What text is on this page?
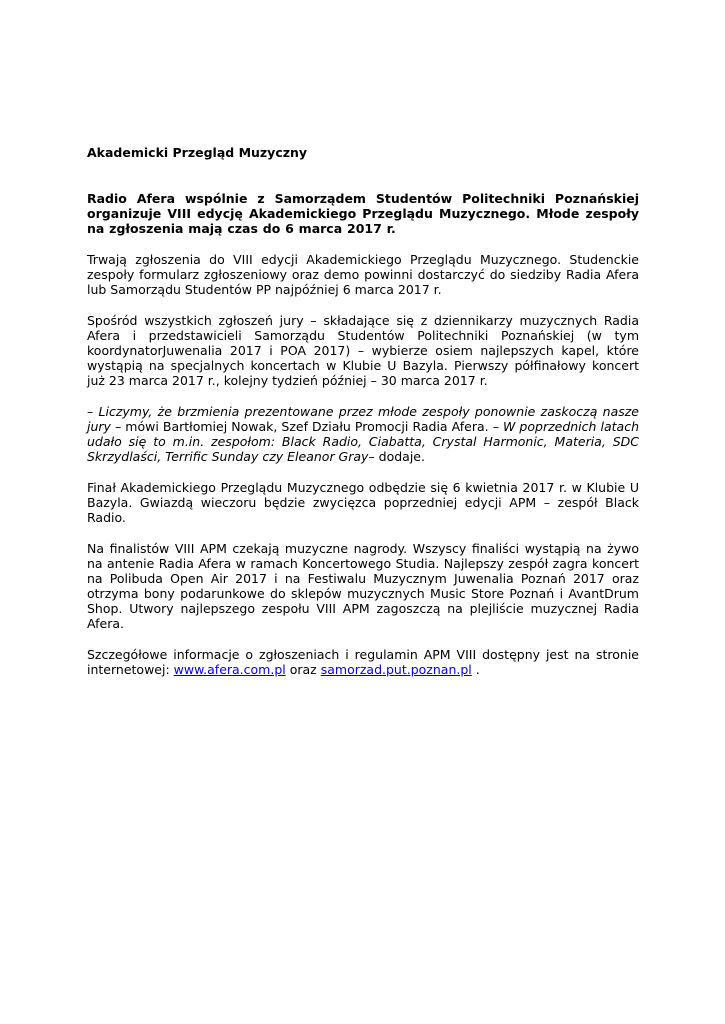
Akademicki Przegląd Muzyczny

Radio Afera wspólnie z Samorządem Studentów Politechniki Poznańskiej organizuje VIII edycję Akademickiego Przeglądu Muzycznego. Młode zespoły na zgłoszenia mają czas do 6 marca 2017 r.

Trwają zgłoszenia do VIII edycji Akademickiego Przeglądu Muzycznego. Studenckie zespoły formularz zgłoszeniowy oraz demo powinni dostarczyć do siedziby Radia Afera lub Samorządu Studentów PP najpóźniej 6 marca 2017 r.

Spośród wszystkich zgłoszeń jury – składające się z dziennikarzy muzycznych Radia Afera i przedstawicieli Samorządu Studentów Politechniki Poznańskiej (w tym koordynatorJuwenalia 2017 i POA 2017) – wybierze osiem najlepszych kapel, które wystąpią na specjalnych koncertach w Klubie U Bazyla. Pierwszy półfinałowy koncert już 23 marca 2017 r., kolejny tydzień później – 30 marca 2017 r.

– Liczymy, że brzmienia prezentowane przez młode zespoły ponownie zaskoczą nasze jury – mówi Bartłomiej Nowak, Szef Działu Promocji Radia Afera. – W poprzednich latach udało się to m.in. zespołom: Black Radio, Ciabatta, Crystal Harmonic, Materia, SDC Skrzydlaści, Terrific Sunday czy Eleanor Gray– dodaje.

Finał Akademickiego Przeglądu Muzycznego odbędzie się 6 kwietnia 2017 r. w Klubie U Bazyla. Gwiazdą wieczoru będzie zwycięzca poprzedniej edycji APM – zespół Black Radio.

Na finalistów VIII APM czekają muzyczne nagrody. Wszyscy finaliści wystąpią na żywo na antenie Radia Afera w ramach Koncertowego Studia. Najlepszy zespół zagra koncert na Polibuda Open Air 2017 i na Festiwalu Muzycznym Juwenalia Poznań 2017 oraz otrzyma bony podarunkowe do sklepów muzycznych Music Store Poznań i AvantDrum Shop. Utwory najlepszego zespołu VIII APM zagoszczą na plejliście muzycznej Radia Afera.

Szczegółowe informacje o zgłoszeniach i regulamin APM VIII dostępny jest na stronie internetowej: www.afera.com.pl oraz samorzad.put.poznan.pl .
